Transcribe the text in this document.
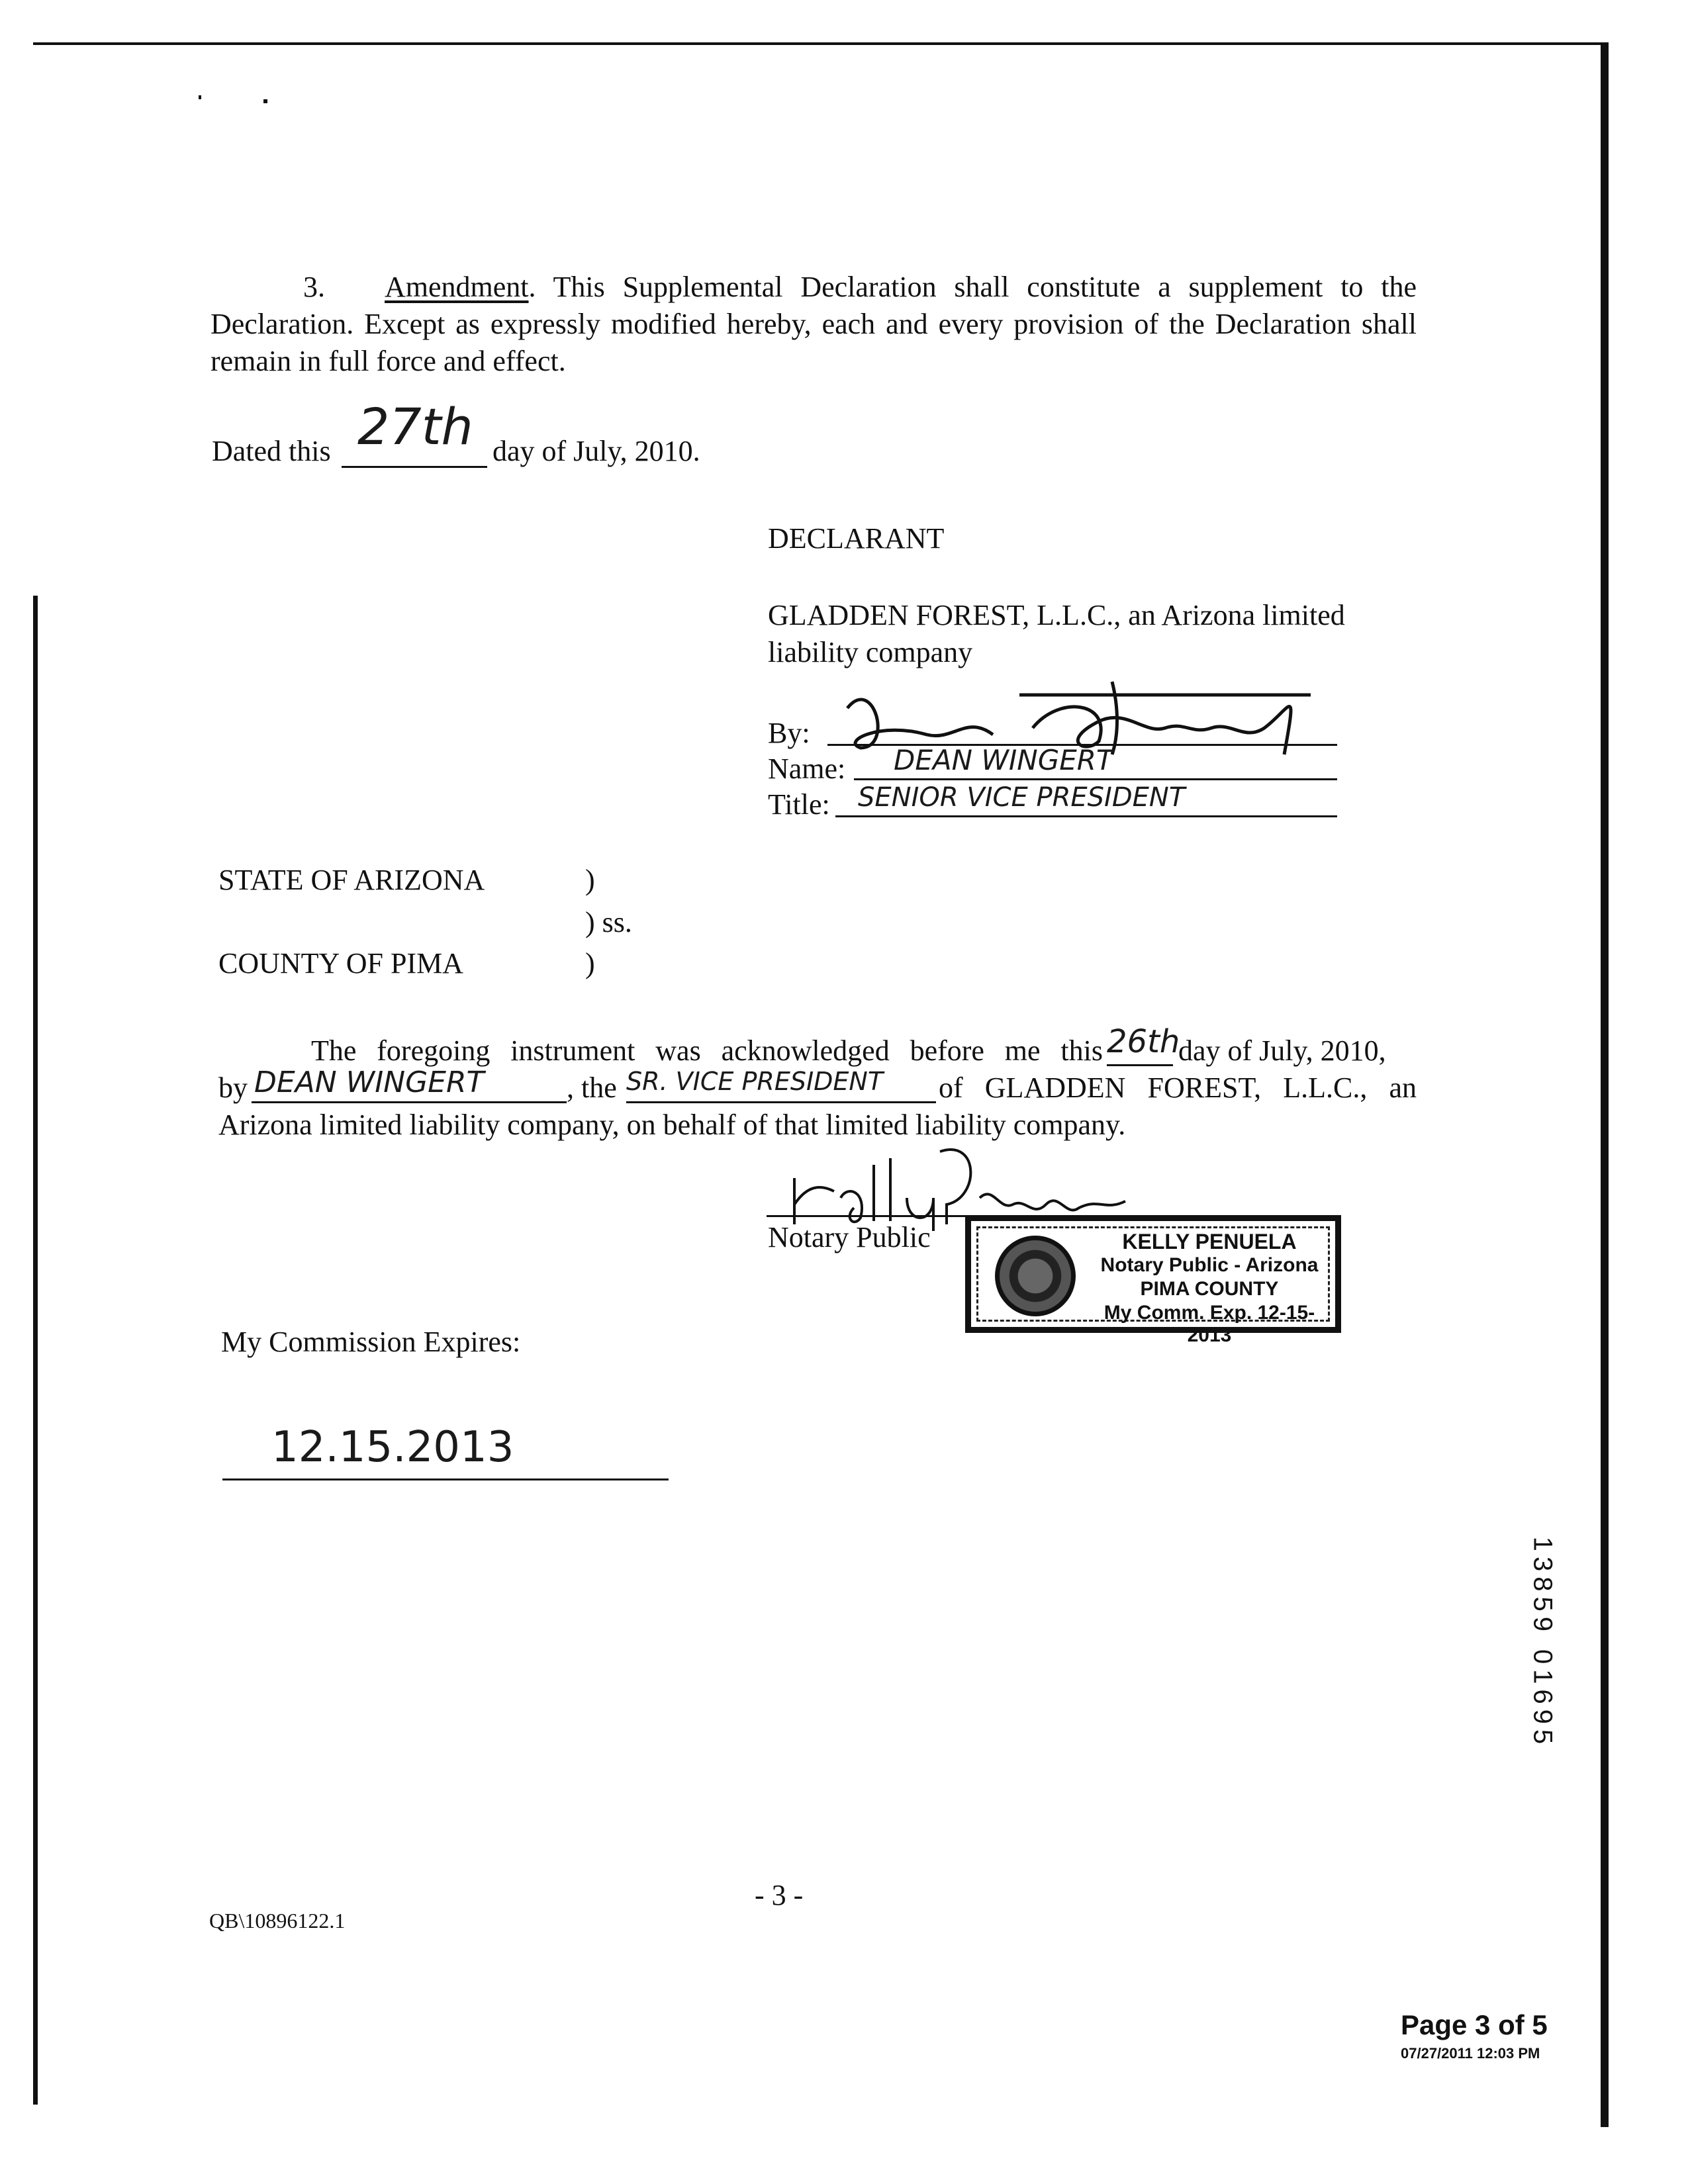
3. Amendment. This Supplemental Declaration shall constitute a supplement to the Declaration. Except as expressly modified hereby, each and every provision of the Declaration shall remain in full force and effect.
Dated this 27th day of July, 2010.
DECLARANT
GLADDEN FOREST, L.L.C., an Arizona limited
liability company
By:
Name: DEAN WINGERT
Title: SENIOR VICE PRESIDENT
STATE OF ARIZONA	)
) ss.
COUNTY OF PIMA	)
The foregoing instrument was acknowledged before me this 26th
day of July, 2010,
by DEAN WINGERT	, the SR. VICE PRESIDENT of GLADDEN FOREST, L.L.C., an
Arizona limited liability company, on behalf of that limited liability company.
Notary Public	KELLY PENUELA
Notary Public - Arizona
PIMA COUNTY
My Comm. Exp. 12-15-2013
My Commission Expires:
12.15.2013
13859 01695
- 3 -
QB\10896122.1
Page 3 of 5
07/27/2011 12:03 PM
